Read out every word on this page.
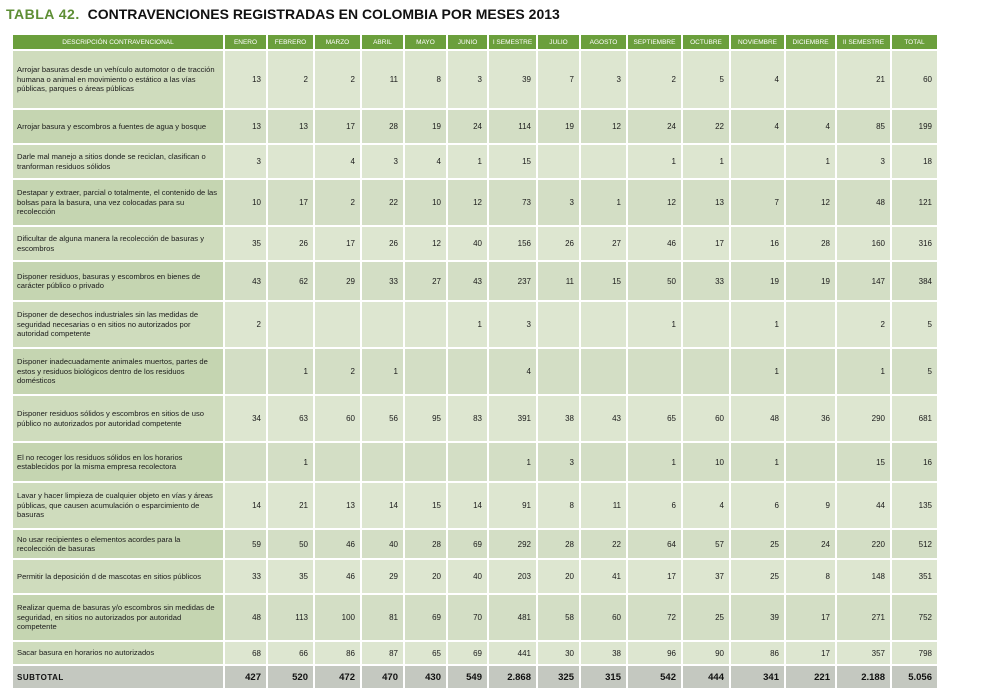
TABLA 42. CONTRAVENCIONES REGISTRADAS EN COLOMBIA POR MESES 2013
DESCRIPCIÓN CONTRAVENCIONAL	ENERO	FEBRERO	MARZO	ABRIL	MAYO	JUNIO	I SEMESTRE	JULIO	AGOSTO	SEPTIEMBRE	OCTUBRE	NOVIEMBRE	DICIEMBRE	II SEMESTRE	TOTAL
Arrojar basuras desde un vehículo automotor o de tracción humana o animal en movimiento o estático a las vías públicas, parques o áreas públicas	13	2	2	11	8	3	39	7	3	2	5	4		21	60
Arrojar basura y escombros a fuentes de agua y bosque	13	13	17	28	19	24	114	19	12	24	22	4	4	85	199
Darle mal manejo a sitios donde se reciclan, clasifican o tranforman residuos sólidos	3		4	3	4	1	15			1	1		1	3	18
Destapar y extraer, parcial o totalmente, el contenido de las bolsas para la basura, una vez colocadas para su recolección	10	17	2	22	10	12	73	3	1	12	13	7	12	48	121
Dificultar de alguna manera la recolección de basuras y escombros	35	26	17	26	12	40	156	26	27	46	17	16	28	160	316
Disponer residuos, basuras y escombros en bienes de carácter público o privado	43	62	29	33	27	43	237	11	15	50	33	19	19	147	384
Disponer de desechos industriales sin las medidas de seguridad necesarias o en sitios no autorizados por autoridad competente	2					1	3			1		1		2	5
Disponer inadecuadamente animales muertos, partes de estos y residuos biológicos dentro de los residuos domésticos		1	2	1			4					1		1	5
Disponer residuos sólidos y escombros en sitios de uso público no autorizados por autoridad competente	34	63	60	56	95	83	391	38	43	65	60	48	36	290	681
El no recoger los residuos sólidos en los horarios establecidos por la misma empresa recolectora		1					1	3		1	10	1		15	16
Lavar y hacer limpieza de cualquier objeto en vías y áreas públicas, que causen acumulación o esparcimiento de basuras	14	21	13	14	15	14	91	8	11	6	4	6	9	44	135
No usar recipientes o elementos acordes para la recolección de basuras	59	50	46	40	28	69	292	28	22	64	57	25	24	220	512
Permitir la deposición d de mascotas en sitios públicos	33	35	46	29	20	40	203	20	41	17	37	25	8	148	351
Realizar quema de basuras y/o escombros sin medidas de seguridad, en sitios no autorizados por autoridad competente	48	113	100	81	69	70	481	58	60	72	25	39	17	271	752
Sacar basura en horarios no autorizados	68	66	86	87	65	69	441	30	38	96	90	86	17	357	798
SUBTOTAL	427	520	472	470	430	549	2.868	325	315	542	444	341	221	2.188	5.056
